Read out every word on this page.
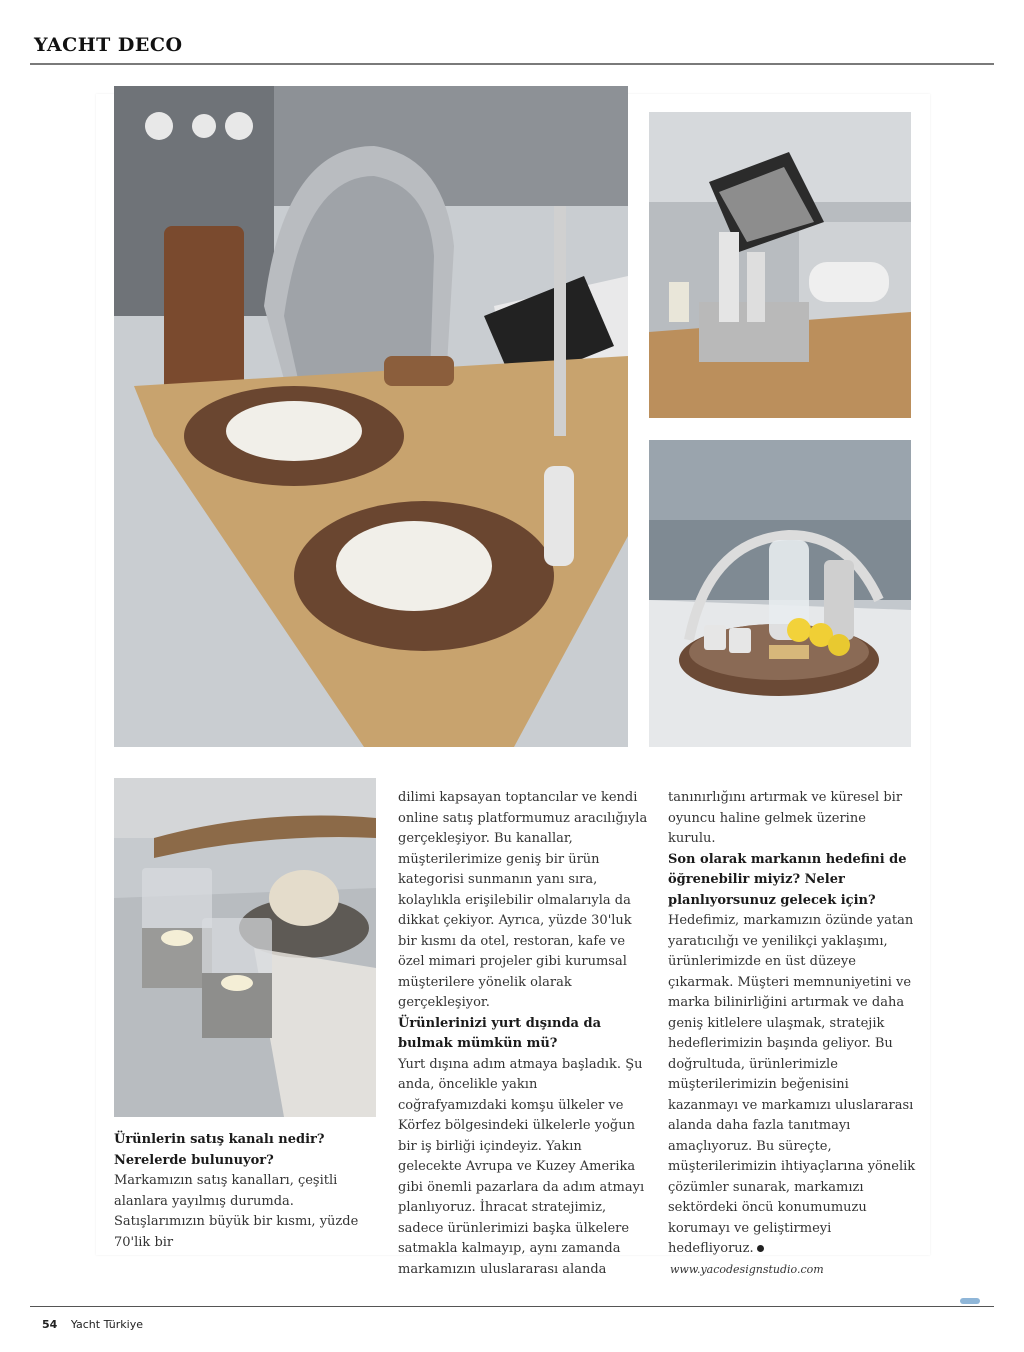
YACHT DECO

Ürünlerin satış kanalı nedir? Nerelerde bulunuyor?

Markamızın satış kanalları, çeşitli alanlara yayılmış durumda. Satışlarımızın büyük bir kısmı, yüzde 70'lik bir

dilimi kapsayan toptancılar ve kendi online satış platformumuz aracılığıyla gerçekleşiyor. Bu kanallar, müşterilerimize geniş bir ürün kategorisi sunmanın yanı sıra, kolaylıkla erişilebilir olmalarıyla da dikkat çekiyor. Ayrıca, yüzde 30'luk bir kısmı da otel, restoran, kafe ve özel mimari projeler gibi kurumsal müşterilere yönelik olarak gerçekleşiyor.

Ürünlerinizi yurt dışında da bulmak mümkün mü?

Yurt dışına adım atmaya başladık. Şu anda, öncelikle yakın coğrafyamızdaki komşu ülkeler ve Körfez bölgesindeki ülkelerle yoğun bir iş birliği içindeyiz. Yakın gelecekte Avrupa ve Kuzey Amerika gibi önemli pazarlara da adım atmayı planlıyoruz. İhracat stratejimiz, sadece ürünlerimizi başka ülkelere satmakla kalmayıp, aynı zamanda markamızın uluslararası alanda

tanınırlığını artırmak ve küresel bir oyuncu haline gelmek üzerine kurulu.

Son olarak markanın hedefini de öğrenebilir miyiz? Neler planlıyorsunuz gelecek için?

Hedefimiz, markamızın özünde yatan yaratıcılığı ve yenilikçi yaklaşımı, ürünlerimizde en üst düzeye çıkarmak. Müşteri memnuniyetini ve marka bilinirliğini artırmak ve daha geniş kitlelere ulaşmak, stratejik hedeflerimizin başında geliyor. Bu doğrultuda, ürünlerimizle müşterilerimizin beğenisini kazanmayı ve markamızı uluslararası alanda daha fazla tanıtmayı amaçlıyoruz. Bu süreçte, müşterilerimizin ihtiyaçlarına yönelik çözümler sunarak, markamızı sektördeki öncü konumumuzu korumayı ve geliştirmeyi hedefliyoruz.

www.yacodesignstudio.com

54 Yacht Türkiye
